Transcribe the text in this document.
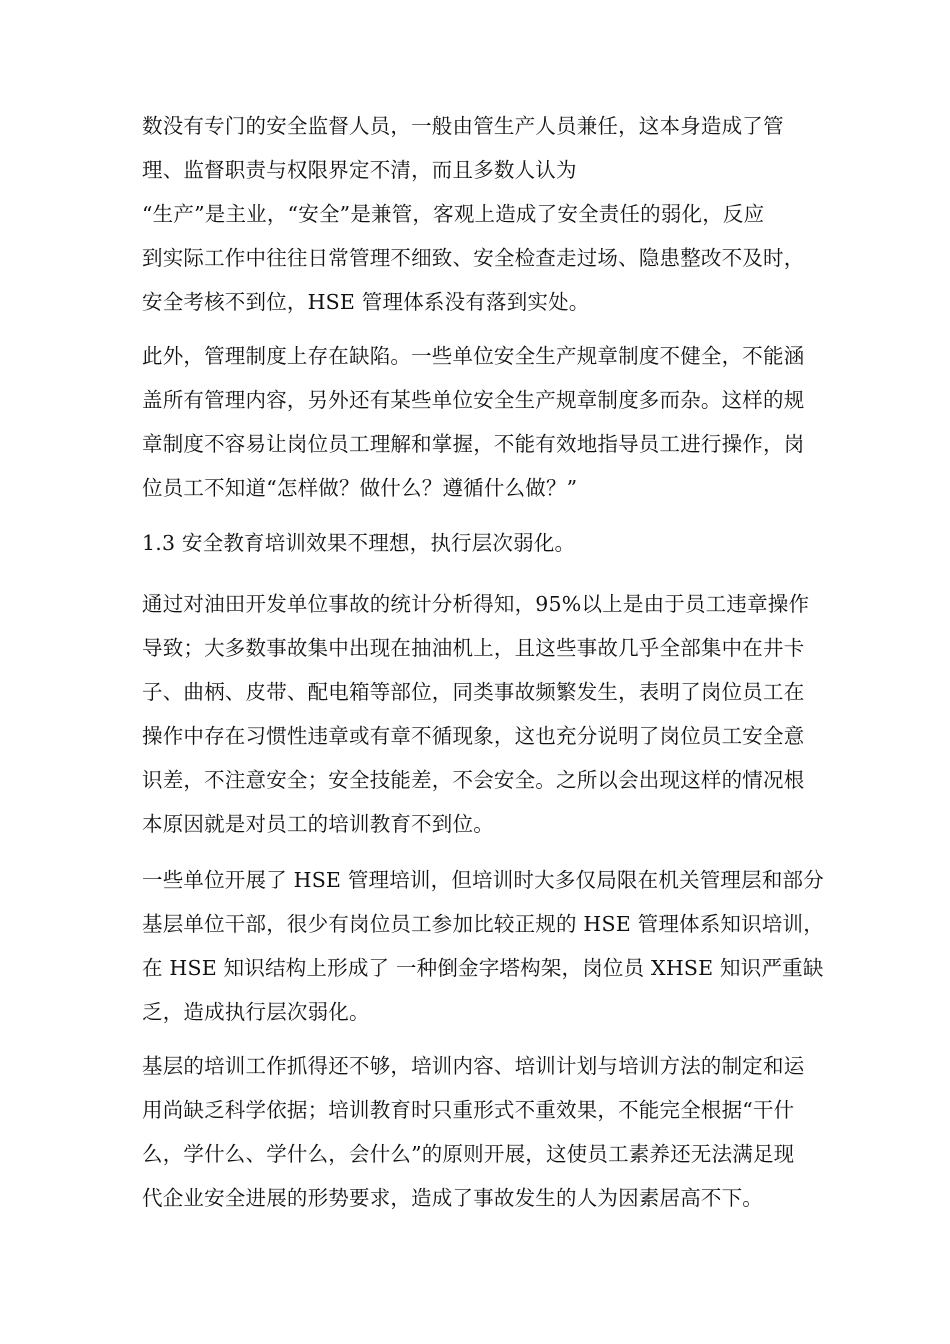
数没有专门的安全监督人员，一般由管生产人员兼任，这本身造成了管
理、监督职责与权限界定不清，而且多数人认为
“生产”是主业，“安全”是兼管，客观上造成了安全责任的弱化，反应
到实际工作中往往日常管理不细致、安全检查走过场、隐患整改不及时，
安全考核不到位，HSE 管理体系没有落到实处。
此外，管理制度上存在缺陷。一些单位安全生产规章制度不健全，不能涵
盖所有管理内容，另外还有某些单位安全生产规章制度多而杂。这样的规
章制度不容易让岗位员工理解和掌握，不能有效地指导员工进行操作，岗
位员工不知道“怎样做？做什么？遵循什么做？”
1.3 安全教育培训效果不理想，执行层次弱化。
通过对油田开发单位事故的统计分析得知，95%以上是由于员工违章操作
导致；大多数事故集中出现在抽油机上，且这些事故几乎全部集中在井卡
子、曲柄、皮带、配电箱等部位，同类事故频繁发生，表明了岗位员工在
操作中存在习惯性违章或有章不循现象，这也充分说明了岗位员工安全意
识差，不注意安全；安全技能差，不会安全。之所以会出现这样的情况根
本原因就是对员工的培训教育不到位。
一些单位开展了 HSE 管理培训，但培训时大多仅局限在机关管理层和部分
基层单位干部，很少有岗位员工参加比较正规的 HSE 管理体系知识培训，
在 HSE 知识结构上形成了 一种倒金字塔构架，岗位员 XHSE 知识严重缺
乏，造成执行层次弱化。
基层的培训工作抓得还不够，培训内容、培训计划与培训方法的制定和运
用尚缺乏科学依据；培训教育时只重形式不重效果，不能完全根据“干什
么，学什么、学什么，会什么”的原则开展，这使员工素养还无法满足现
代企业安全进展的形势要求，造成了事故发生的人为因素居高不下。
